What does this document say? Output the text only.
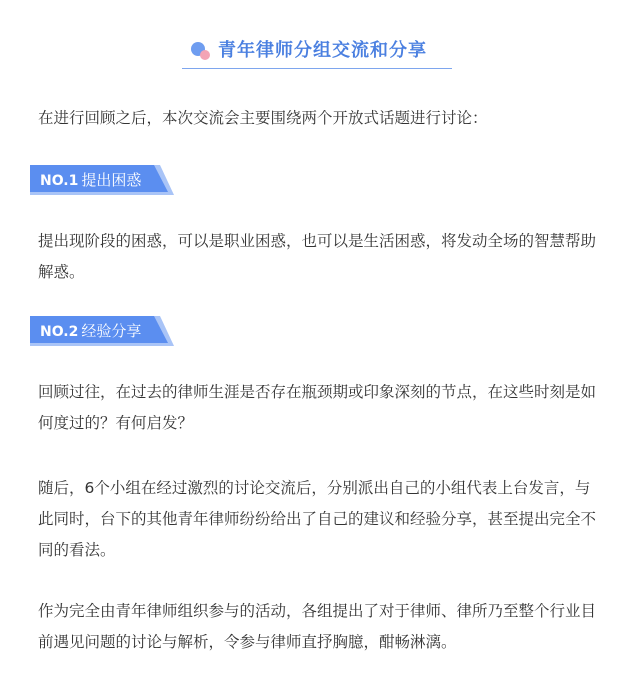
青年律师分组交流和分享

在进行回顾之后，本次交流会主要围绕两个开放式话题进行讨论：

NO.1 提出困惑

提出现阶段的困惑，可以是职业困惑，也可以是生活困惑，将发动全场的智慧帮助解惑。

NO.2 经验分享

回顾过往，在过去的律师生涯是否存在瓶颈期或印象深刻的节点，在这些时刻是如何度过的？有何启发？

随后，6个小组在经过激烈的讨论交流后，分别派出自己的小组代表上台发言，与此同时，台下的其他青年律师纷纷给出了自己的建议和经验分享，甚至提出完全不同的看法。

作为完全由青年律师组织参与的活动，各组提出了对于律师、律所乃至整个行业目前遇见问题的讨论与解析，令参与律师直抒胸臆，酣畅淋漓。
